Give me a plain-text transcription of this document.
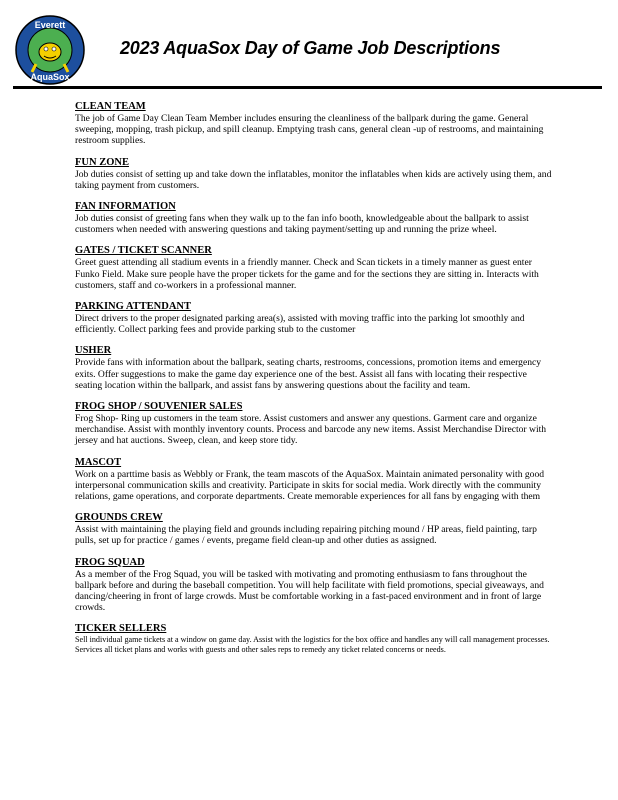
Everett
AquaSox
2023 AquaSox Day of Game Job Descriptions
CLEAN TEAM
The job of Game Day Clean Team Member includes ensuring the cleanliness of the ballpark during the game. General sweeping, mopping, trash pickup, and spill cleanup. Emptying trash cans, general clean -up of restrooms, and maintaining restroom supplies.
FUN ZONE
Job duties consist of setting up and take down the inflatables, monitor the inflatables when kids are actively using them, and taking payment from customers.
FAN INFORMATION
Job duties consist of greeting fans when they walk up to the fan info booth, knowledgeable about the ballpark to assist customers when needed with answering questions and taking payment/setting up and running the prize wheel.
GATES / TICKET SCANNER
Greet guest attending all stadium events in a friendly manner. Check and Scan tickets in a timely manner as guest enter Funko Field. Make sure people have the proper tickets for the game and for the sections they are sitting in. Interacts with customers, staff and co-workers in a professional manner.
PARKING ATTENDANT
Direct drivers to the proper designated parking area(s), assisted with moving traffic into the parking lot smoothly and efficiently. Collect parking fees and provide parking stub to the customer
USHER
Provide fans with information about the ballpark, seating charts, restrooms, concessions, promotion items and emergency exits. Offer suggestions to make the game day experience one of the best. Assist all fans with locating their respective seating location within the ballpark, and assist fans by answering questions about the facility and team.
FROG SHOP / SOUVENIER SALES
Frog Shop- Ring up customers in the team store. Assist customers and answer any questions. Garment care and organize merchandise. Assist with monthly inventory counts. Process and barcode any new items. Assist Merchandise Director with jersey and hat auctions. Sweep, clean, and keep store tidy.
MASCOT
Work on a parttime basis as Webbly or Frank, the team mascots of the AquaSox. Maintain animated personality with good interpersonal communication skills and creativity. Participate in skits for social media. Work directly with the community relations, game operations, and corporate departments. Create memorable experiences for all fans by engaging with them
GROUNDS CREW
Assist with maintaining the playing field and grounds including repairing pitching mound / HP areas, field painting, tarp pulls, set up for practice / games / events, pregame field clean-up and other duties as assigned.
FROG SQUAD
As a member of the Frog Squad, you will be tasked with motivating and promoting enthusiasm to fans throughout the ballpark before and during the baseball competition. You will help facilitate with field promotions, special giveaways, and dancing/cheering in front of large crowds. Must be comfortable working in a fast-paced environment and in front of large crowds.
TICKER SELLERS
Sell individual game tickets at a window on game day. Assist with the logistics for the box office and handles any will call management processes. Services all ticket plans and works with guests and other sales reps to remedy any ticket related concerns or needs.
